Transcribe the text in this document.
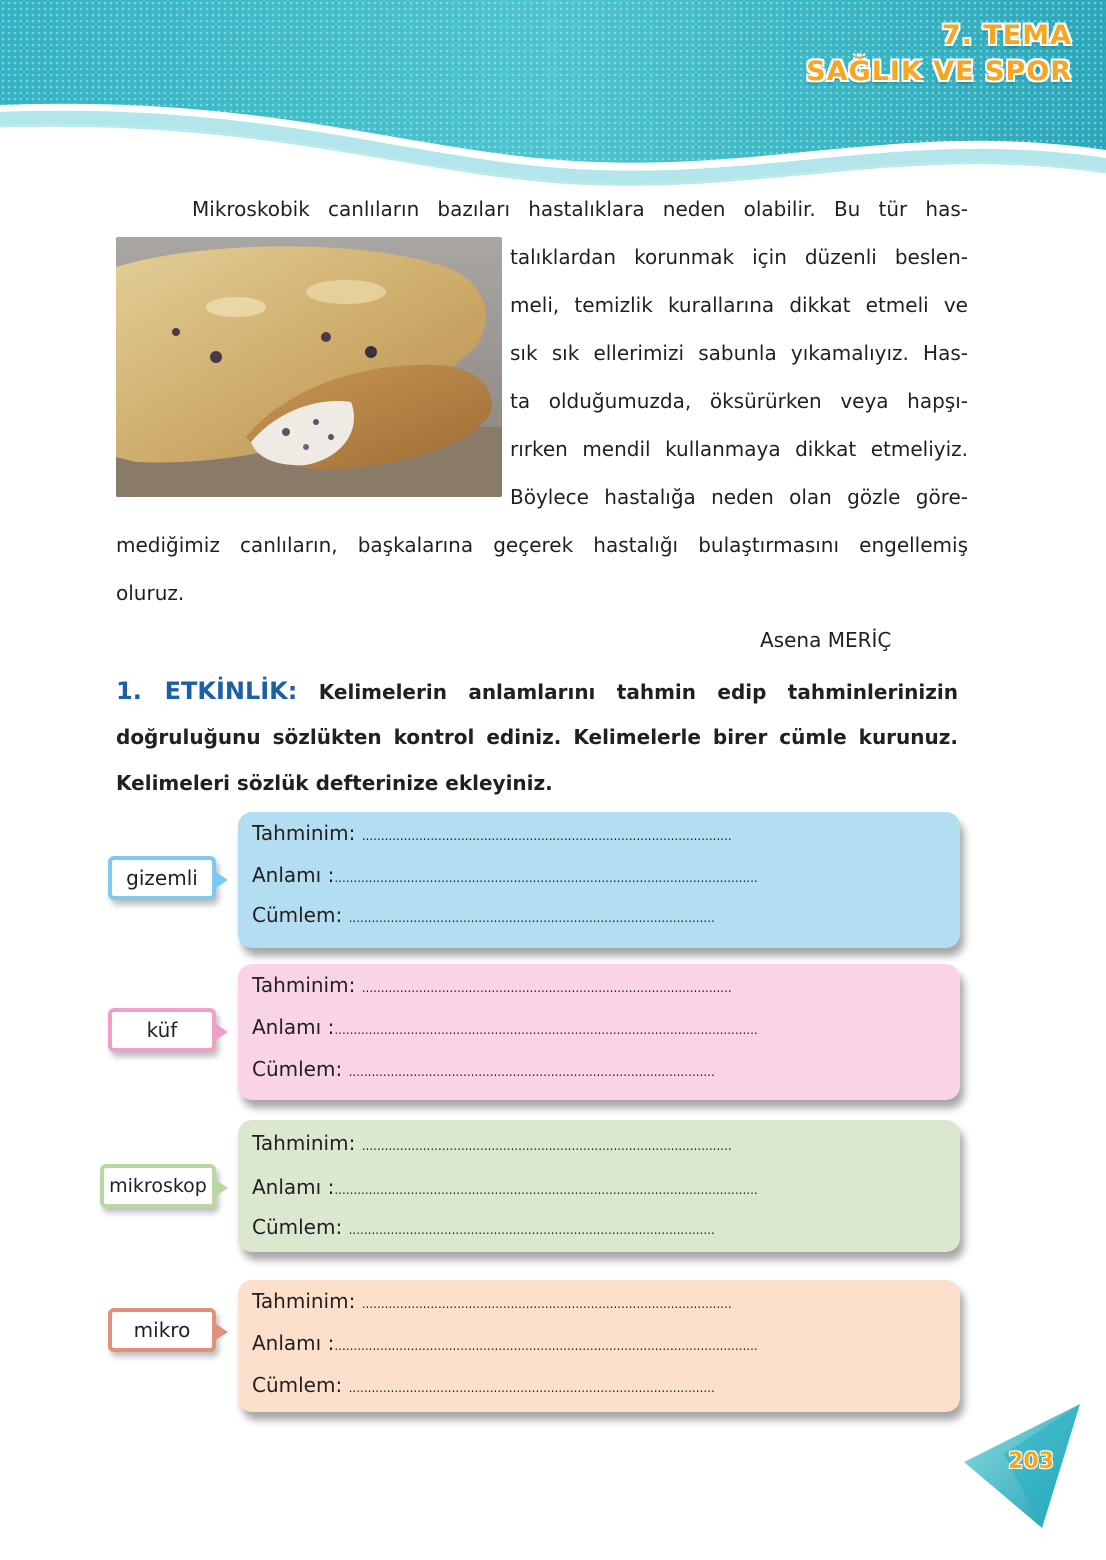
7. TEMA
SAĞLIK VE SPOR
Mikroskobik canlıların bazıları hastalıklara neden olabilir. Bu tür has-
talıklardan korunmak için düzenli beslen-
meli, temizlik kurallarına dikkat etmeli ve
sık sık ellerimizi sabunla yıkamalıyız. Has-
ta olduğumuzda, öksürürken veya hapşı-
rırken mendil kullanmaya dikkat etmeliyiz.
Böylece hastalığa neden olan gözle göre-
mediğimiz canlıların, başkalarına geçerek hastalığı bulaştırmasını engellemiş
oluruz.
Asena MERİÇ
1. ETKİNLİK: Kelimelerin anlamlarını tahmin edip tahminlerinizin
doğruluğunu sözlükten kontrol ediniz. Kelimelerle birer cümle kurunuz.
Kelimeleri sözlük defterinize ekleyiniz.
gizemli
Tahminim: .................................................................................................
Anlamı :...............................................................................................................
Cümlem: ................................................................................................
küf
Tahminim: .................................................................................................
Anlamı :...............................................................................................................
Cümlem: ................................................................................................
mikroskop
Tahminim: .................................................................................................
Anlamı :...............................................................................................................
Cümlem: ................................................................................................
mikro
Tahminim: .................................................................................................
Anlamı :...............................................................................................................
Cümlem: ................................................................................................
203
